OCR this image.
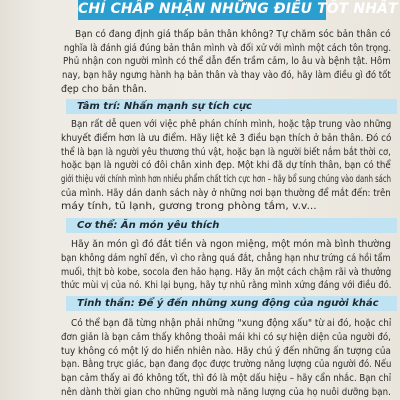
CHỈ CHẤP NHẬN NHỮNG ĐIỀU TỐT NHẤT
Bạn có đang định giá thấp bản thân không? Tự chăm sóc bản thân có
nghĩa là đánh giá đúng bản thân mình và đối xử với mình một cách tôn trọng.
Phủ nhận con người mình có thể dẫn đến trầm cảm, lo âu và bệnh tật. Hôm
nay, bạn hãy ngưng hành hạ bản thân và thay vào đó, hãy làm điều gì đó tốt
đẹp cho bản thân.
Tâm trí: Nhấn mạnh sự tích cực
Bạn rất dễ quen với việc phê phán chính mình, hoặc tập trung vào những
khuyết điểm hơn là ưu điểm. Hãy liệt kê 3 điều bạn thích ở bản thân. Đó có
thể là bạn là người yêu thương thú vật, hoặc bạn là người biết nắm bắt thời cơ,
hoặc bạn là người có đôi chân xinh đẹp. Một khi đã dự tính thân, bạn có thể
giới thiệu với chính mình hơn nhiều phẩm chất tích cực hơn – hãy bổ sung chúng vào danh sách
của mình. Hãy dán danh sách này ở những nơi bạn thường để mắt đến: trên
máy tính, tủ lạnh, gương trong phòng tắm, v.v...
Cơ thể: Ăn món yêu thích
Hãy ăn món gì đó đắt tiền và ngon miệng, một món mà bình thường
bạn không dám nghĩ đến, vì cho rằng quá đắt, chẳng hạn như trứng cá hồi tẩm
muối, thịt bò kobe, socola đen hảo hạng. Hãy ăn một cách chậm rãi và thưởng
thức mùi vị của nó. Khi lại bụng, hãy tự nhủ rằng mình xứng đáng với điều đó.
Tinh thần: Để ý đến những xung động của người khác
Có thể bạn đã từng nhận phải những "xung động xấu" từ ai đó, hoặc chỉ
đơn giản là bạn cảm thấy không thoải mái khi có sự hiện diện của người đó,
tuy không có một lý do hiển nhiên nào. Hãy chú ý đến những ấn tượng của
bạn. Bằng trực giác, bạn đang đọc được trường năng lượng của người đó. Nếu
bạn cảm thấy ai đó không tốt, thì đó là một dấu hiệu – hãy cẩn nhắc. Bạn chỉ
nên dành thời gian cho những người mà năng lượng của họ nuôi dưỡng bạn.
